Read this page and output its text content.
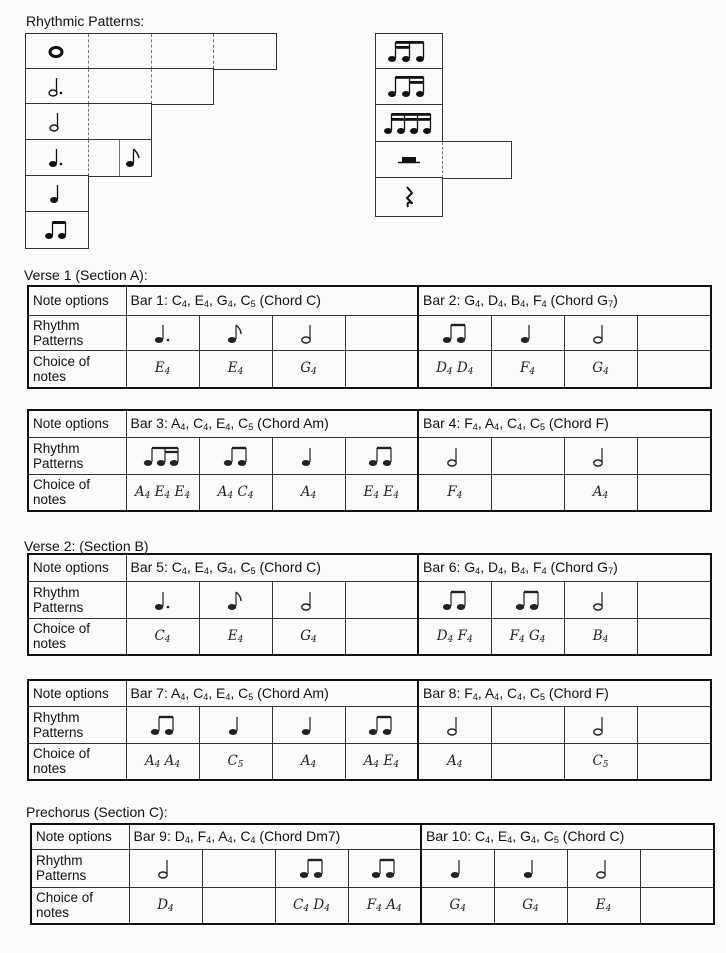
Rhythmic Patterns:
Verse 1 (Section A):
Verse 2: (Section B)
Prechorus (Section C):
Note options	Bar 1: $C_4$, $E_4$, $G_4$, $C_5$ (Chord C)				Bar 2: $G_4$, $D_4$, $B_4$, $F_4$ (Chord $G_7$)			
Rhythm Patterns	

Choice of notes	$E_4$	$E_4$	$G_4$		$D_4$ $D_4$	$F_4$	$G_4$	
Note options	Bar 3: $A_4$, $C_4$, $E_4$, $C_5$ (Chord Am)				Bar 4: $F_4$, $A_4$, $C_4$, $C_5$ (Chord F)			
Rhythm Patterns	

Choice of notes	$A_4$ $E_4$ $E_4$	$A_4$ $C_4$	$A_4$	$E_4$ $E_4$	$F_4$		$A_4$	
Note options	Bar 5: $C_4$, $E_4$, $G_4$, $C_5$ (Chord C)				Bar 6: $G_4$, $D_4$, $B_4$, $F_4$ (Chord $G_7$)			
Rhythm Patterns	

Choice of notes	$C_4$	$E_4$	$G_4$		$D_4$ $F_4$	$F_4$ $G_4$	$B_4$	
Note options	Bar 7: $A_4$, $C_4$, $E_4$, $C_5$ (Chord Am)				Bar 8: $F_4$, $A_4$, $C_4$, $C_5$ (Chord F)			
Rhythm Patterns	

Choice of notes	$A_4$ $A_4$	$C_5$	$A_4$	$A_4$ $E_4$	$A_4$		$C_5$	
Note options	Bar 9: $D_4$, $F_4$, $A_4$, $C_4$ (Chord Dm7)				Bar 10: $C_4$, $E_4$, $G_4$, $C_5$ (Chord C)			
Rhythm Patterns	

Choice of notes	$D_4$		$C_4$ $D_4$	$F_4$ $A_4$	$G_4$	$G_4$	$E_4$	
